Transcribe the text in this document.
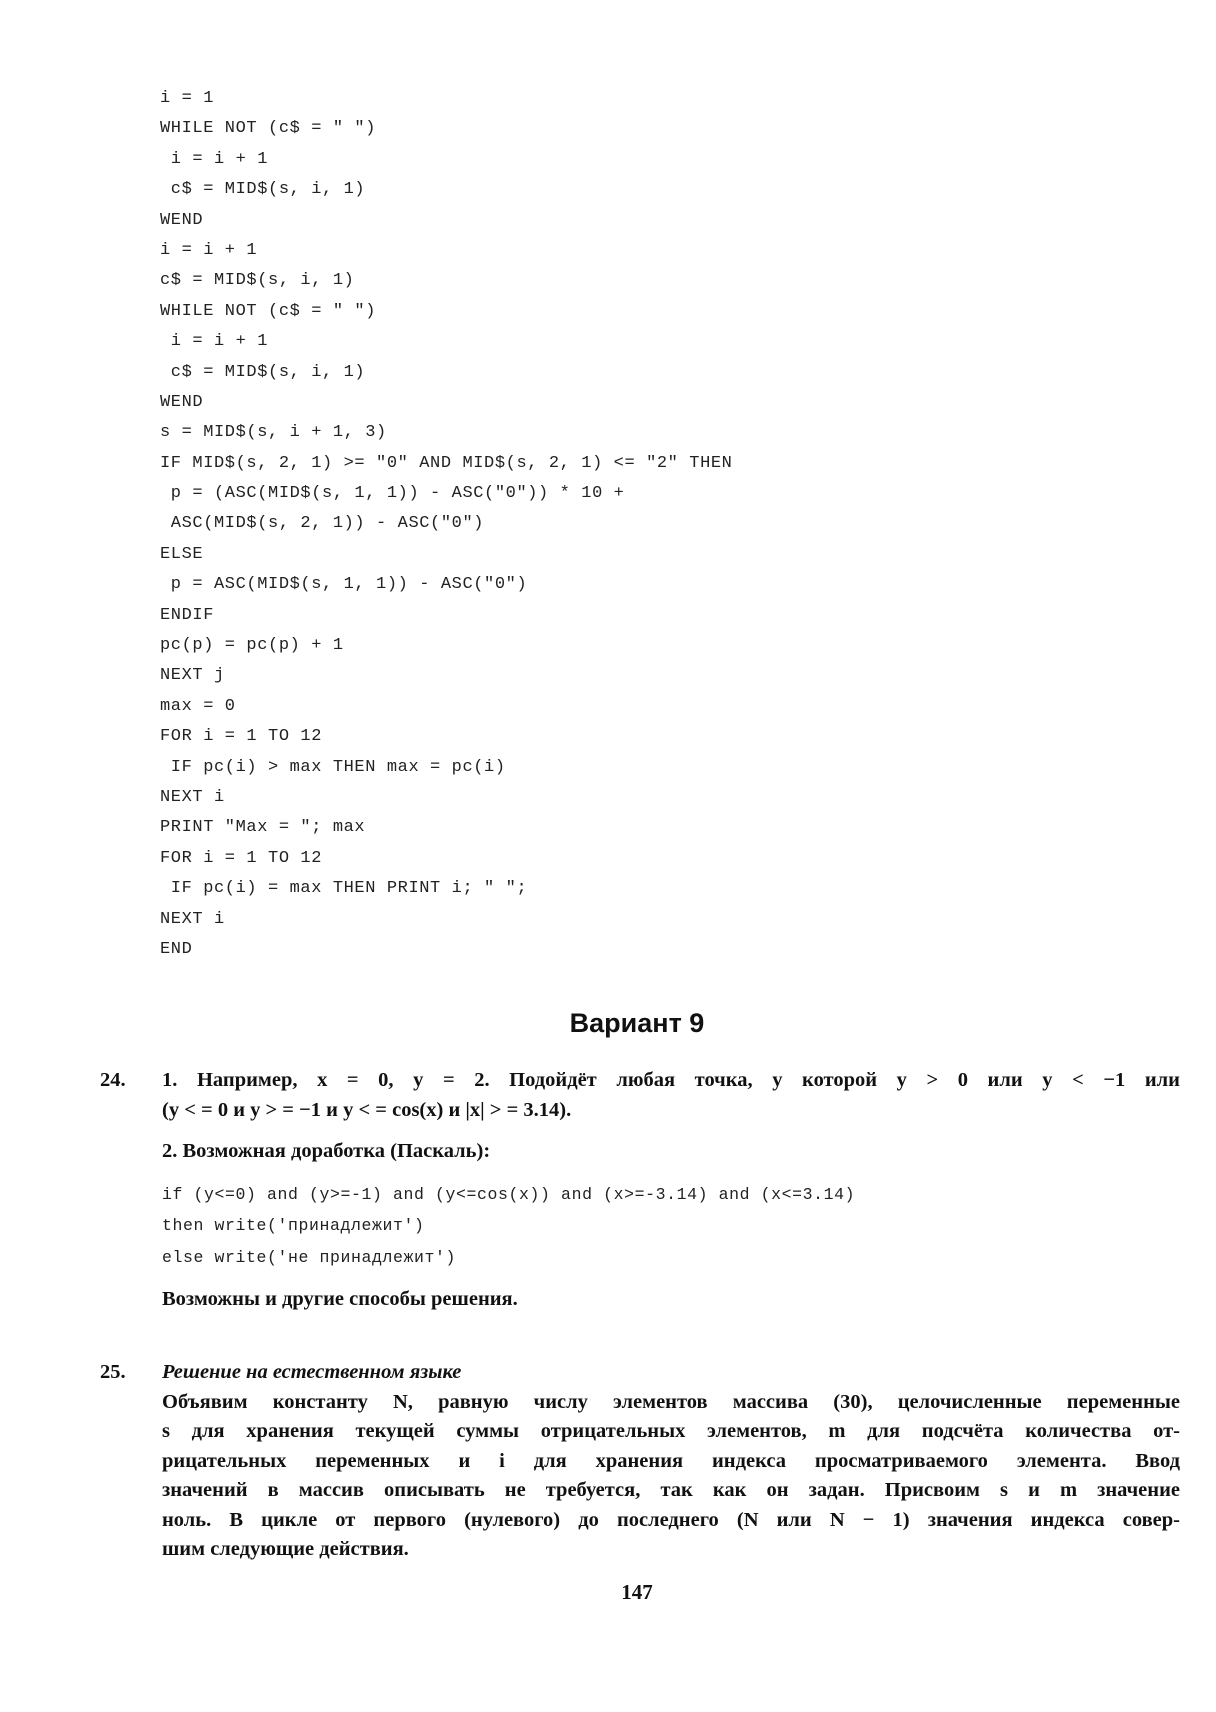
i = 1
WHILE NOT (c$ = " ")
i = i + 1
c$ = MID$(s, i, 1)
WEND
i = i + 1
c$ = MID$(s, i, 1)
WHILE NOT (c$ = " ")
i = i + 1
c$ = MID$(s, i, 1)
WEND
s = MID$(s, i + 1, 3)
IF MID$(s, 2, 1) >= "0" AND MID$(s, 2, 1) <= "2" THEN
p = (ASC(MID$(s, 1, 1)) - ASC("0")) * 10 +
ASC(MID$(s, 2, 1)) - ASC("0")
ELSE
p = ASC(MID$(s, 1, 1)) - ASC("0")
ENDIF
pc(p) = pc(p) + 1
NEXT j
max = 0
FOR i = 1 TO 12
IF pc(i) > max THEN max = pc(i)
NEXT i
PRINT "Max = "; max
FOR i = 1 TO 12
IF pc(i) = max THEN PRINT i; " ";
NEXT i
END
Вариант 9
24. 1. Например, x = 0, y = 2. Подойдёт любая точка, у которой y > 0 или y < −1 или

(y < = 0 и y > = −1 и y < = cos(x) и |x| > = 3.14).

2. Возможная доработка (Паскаль):

if (y<=0) and (y>=-1) and (y<=cos(x)) and (x>=-3.14) and (x<=3.14)
then write('принадлежит')
else write('не принадлежит')

Возможны и другие способы решения.

25. Решение на естественном языке

Объявим константу N, равную числу элементов массива (30), целочисленные переменные

s для хранения текущей суммы отрицательных элементов, m для подсчёта количества от-

рицательных переменных и i для хранения индекса просматриваемого элемента. Ввод

значений в массив описывать не требуется, так как он задан. Присвоим s и m значение

ноль. В цикле от первого (нулевого) до последнего (N или N − 1) значения индекса совер-

шим следующие действия.

147
